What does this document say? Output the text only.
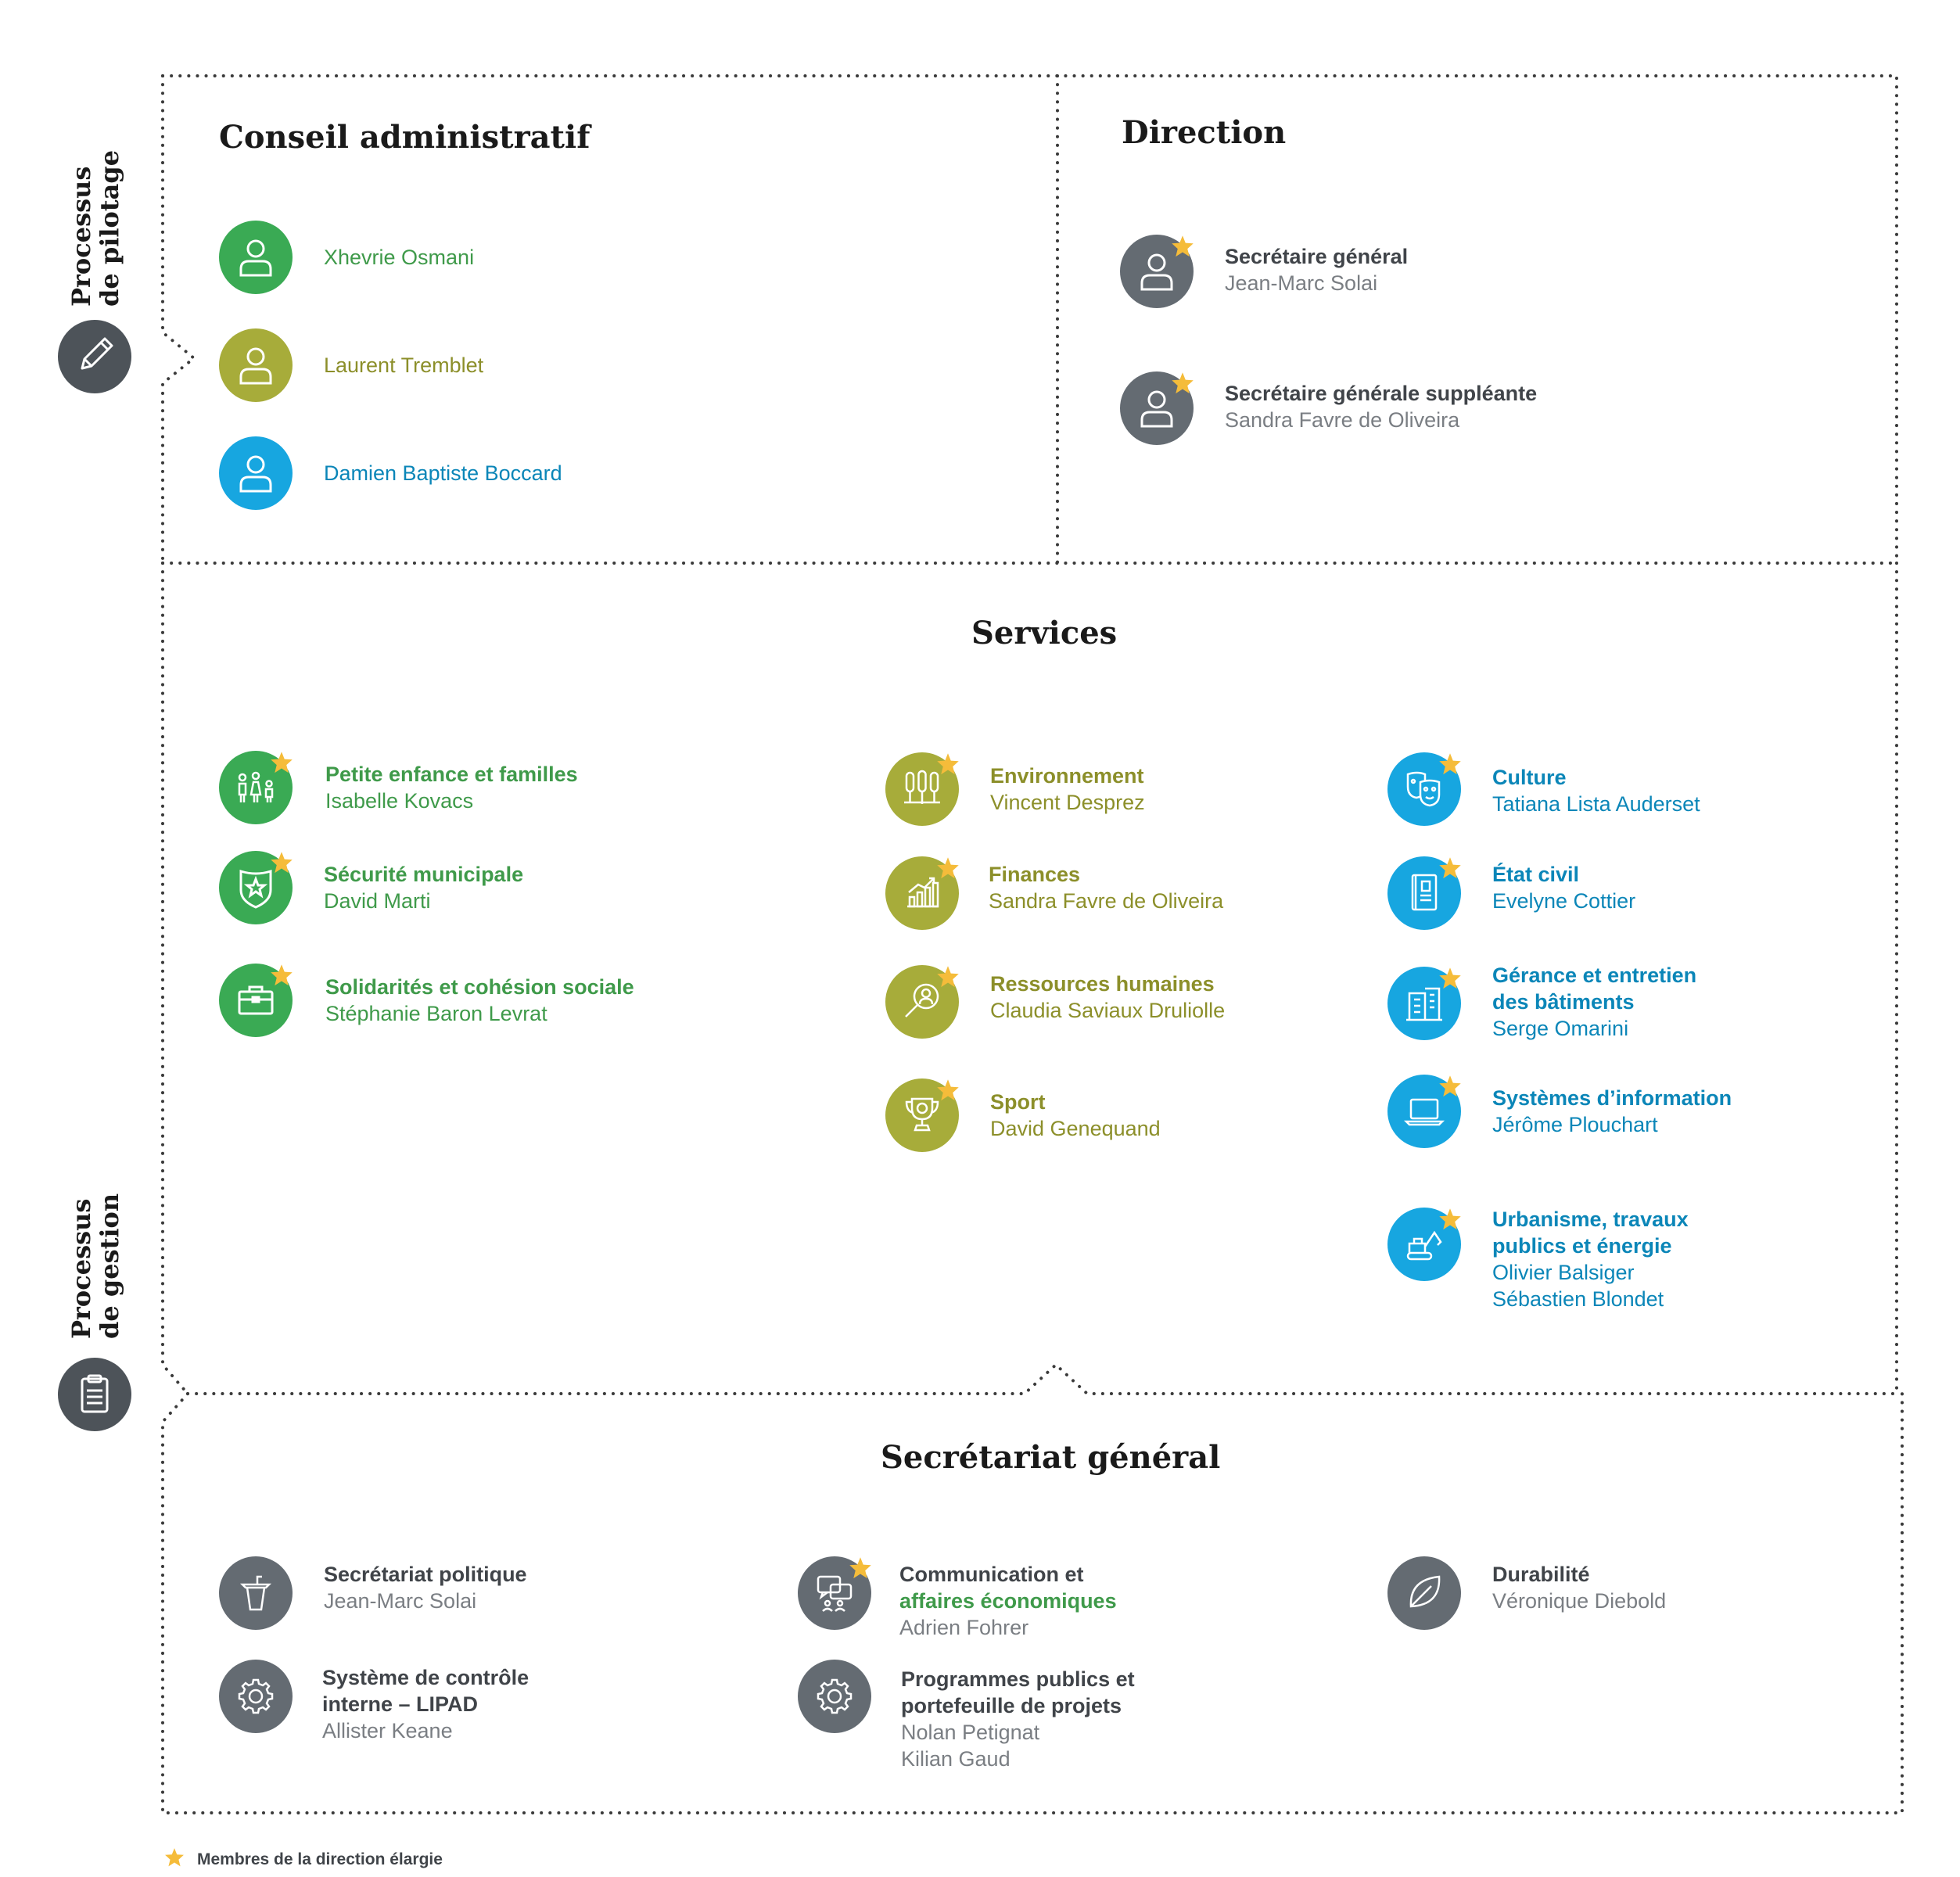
Processus
de pilotage
Processus
de gestion
Conseil administratif
Xhevrie Osmani
Laurent Tremblet
Damien Baptiste Boccard
Direction
Secrétaire général
Jean-Marc Solai
Secrétaire générale suppléante
Sandra Favre de Oliveira
Services
Petite enfance et familles
Isabelle Kovacs
Sécurité municipale
David Marti
Solidarités et cohésion sociale
Stéphanie Baron Levrat
Environnement
Vincent Desprez
Finances
Sandra Favre de Oliveira
Ressources humaines
Claudia Saviaux Druliolle
Sport
David Genequand
Culture
Tatiana Lista Auderset
État civil
Evelyne Cottier
Gérance et entretien
des bâtiments
Serge Omarini
Systèmes d’information
Jérôme Plouchart
Urbanisme, travaux
publics et énergie
Olivier Balsiger
Sébastien Blondet
Secrétariat général
Secrétariat politique
Jean-Marc Solai
Système de contrôle
interne – LIPAD
Allister Keane
Communication et
affaires économiques
Adrien Fohrer
Programmes publics et
portefeuille de projets
Nolan Petignat
Kilian Gaud
Durabilité
Véronique Diebold
Membres de la direction élargie
